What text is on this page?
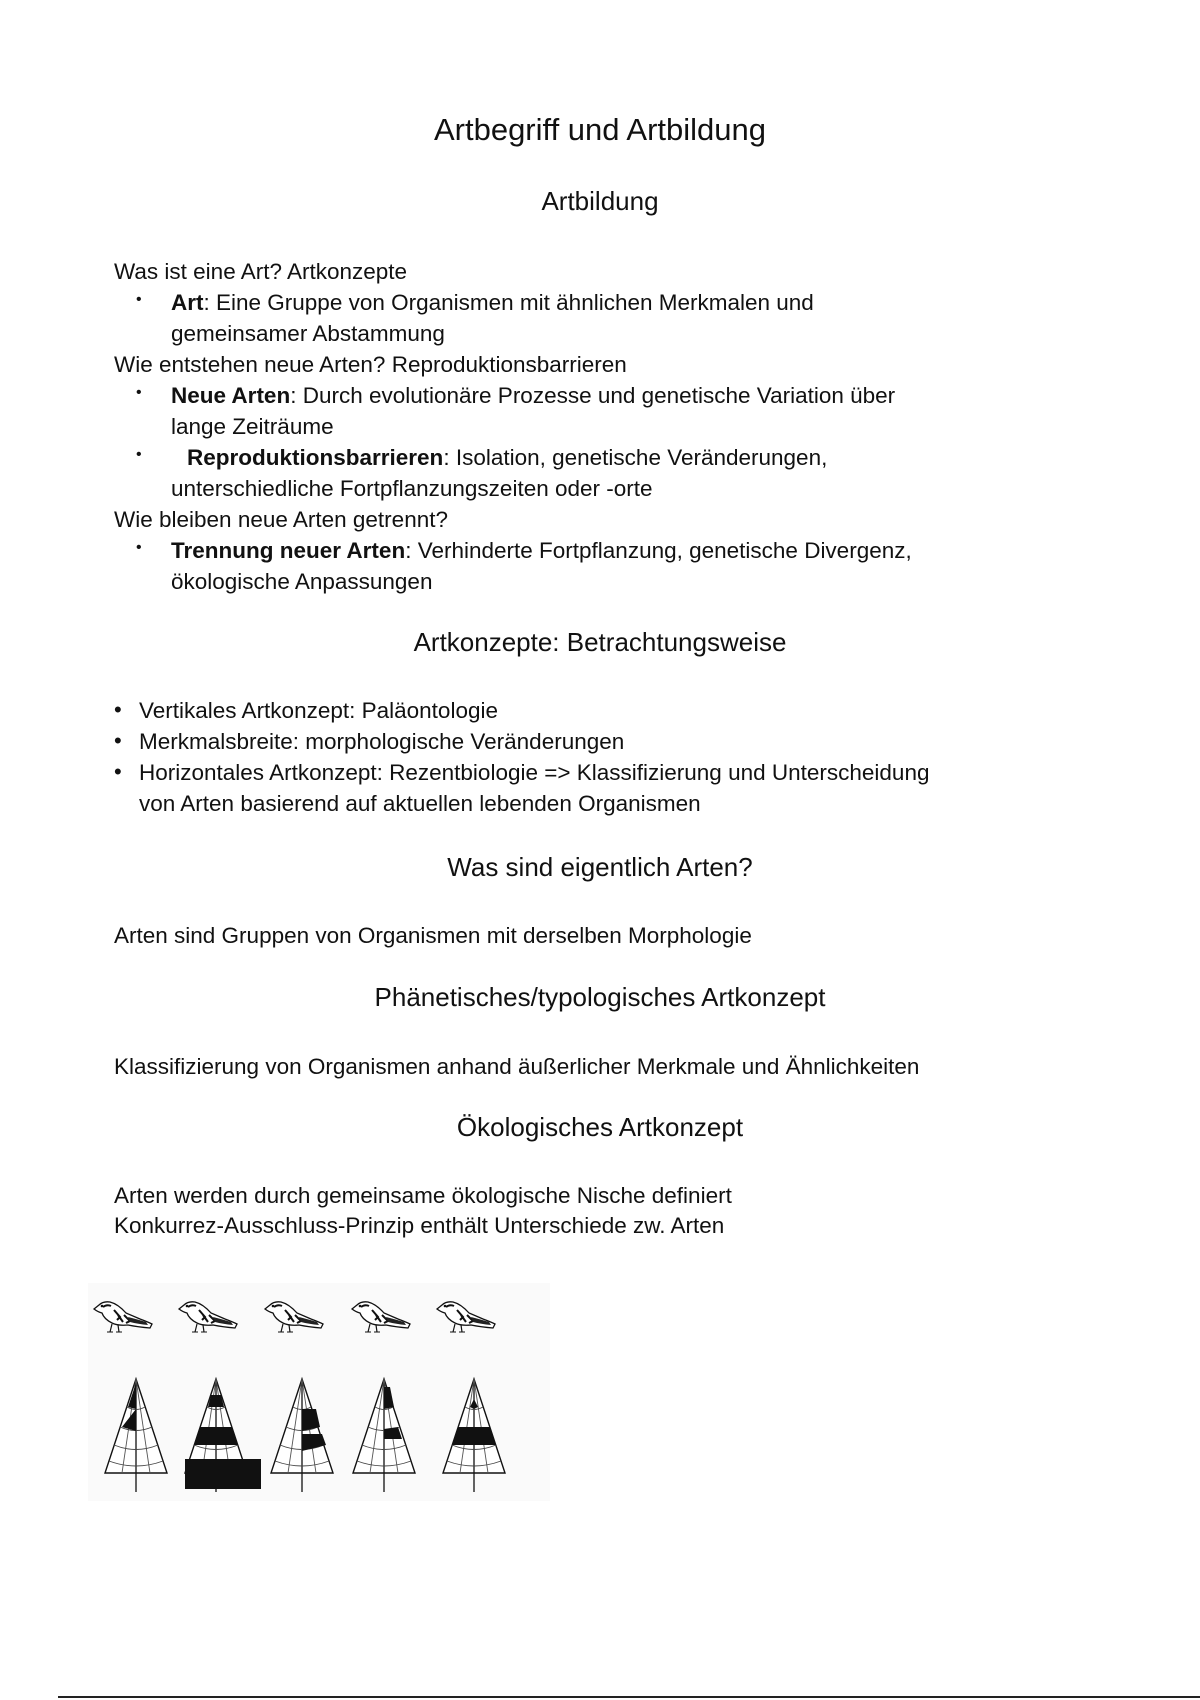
Artbegriff und Artbildung
Artbildung
Was ist eine Art? Artkonzepte
• Art: Eine Gruppe von Organismen mit ähnlichen Merkmalen und
gemeinsamer Abstammung
Wie entstehen neue Arten? Reproduktionsbarrieren
• Neue Arten: Durch evolutionäre Prozesse und genetische Variation über
lange Zeiträume
• Reproduktionsbarrieren: Isolation, genetische Veränderungen,
unterschiedliche Fortpflanzungszeiten oder -orte
Wie bleiben neue Arten getrennt?
• Trennung neuer Arten: Verhinderte Fortpflanzung, genetische Divergenz,
ökologische Anpassungen
Artkonzepte: Betrachtungsweise
• Vertikales Artkonzept: Paläontologie
• Merkmalsbreite: morphologische Veränderungen
• Horizontales Artkonzept: Rezentbiologie => Klassifizierung und Unterscheidung
von Arten basierend auf aktuellen lebenden Organismen
Was sind eigentlich Arten?
Arten sind Gruppen von Organismen mit derselben Morphologie
Phänetisches/typologisches Artkonzept
Klassifizierung von Organismen anhand äußerlicher Merkmale und Ähnlichkeiten
Ökologisches Artkonzept
Arten werden durch gemeinsame ökologische Nische definiert
Konkurrez-Ausschluss-Prinzip enthält Unterschiede zw. Arten
